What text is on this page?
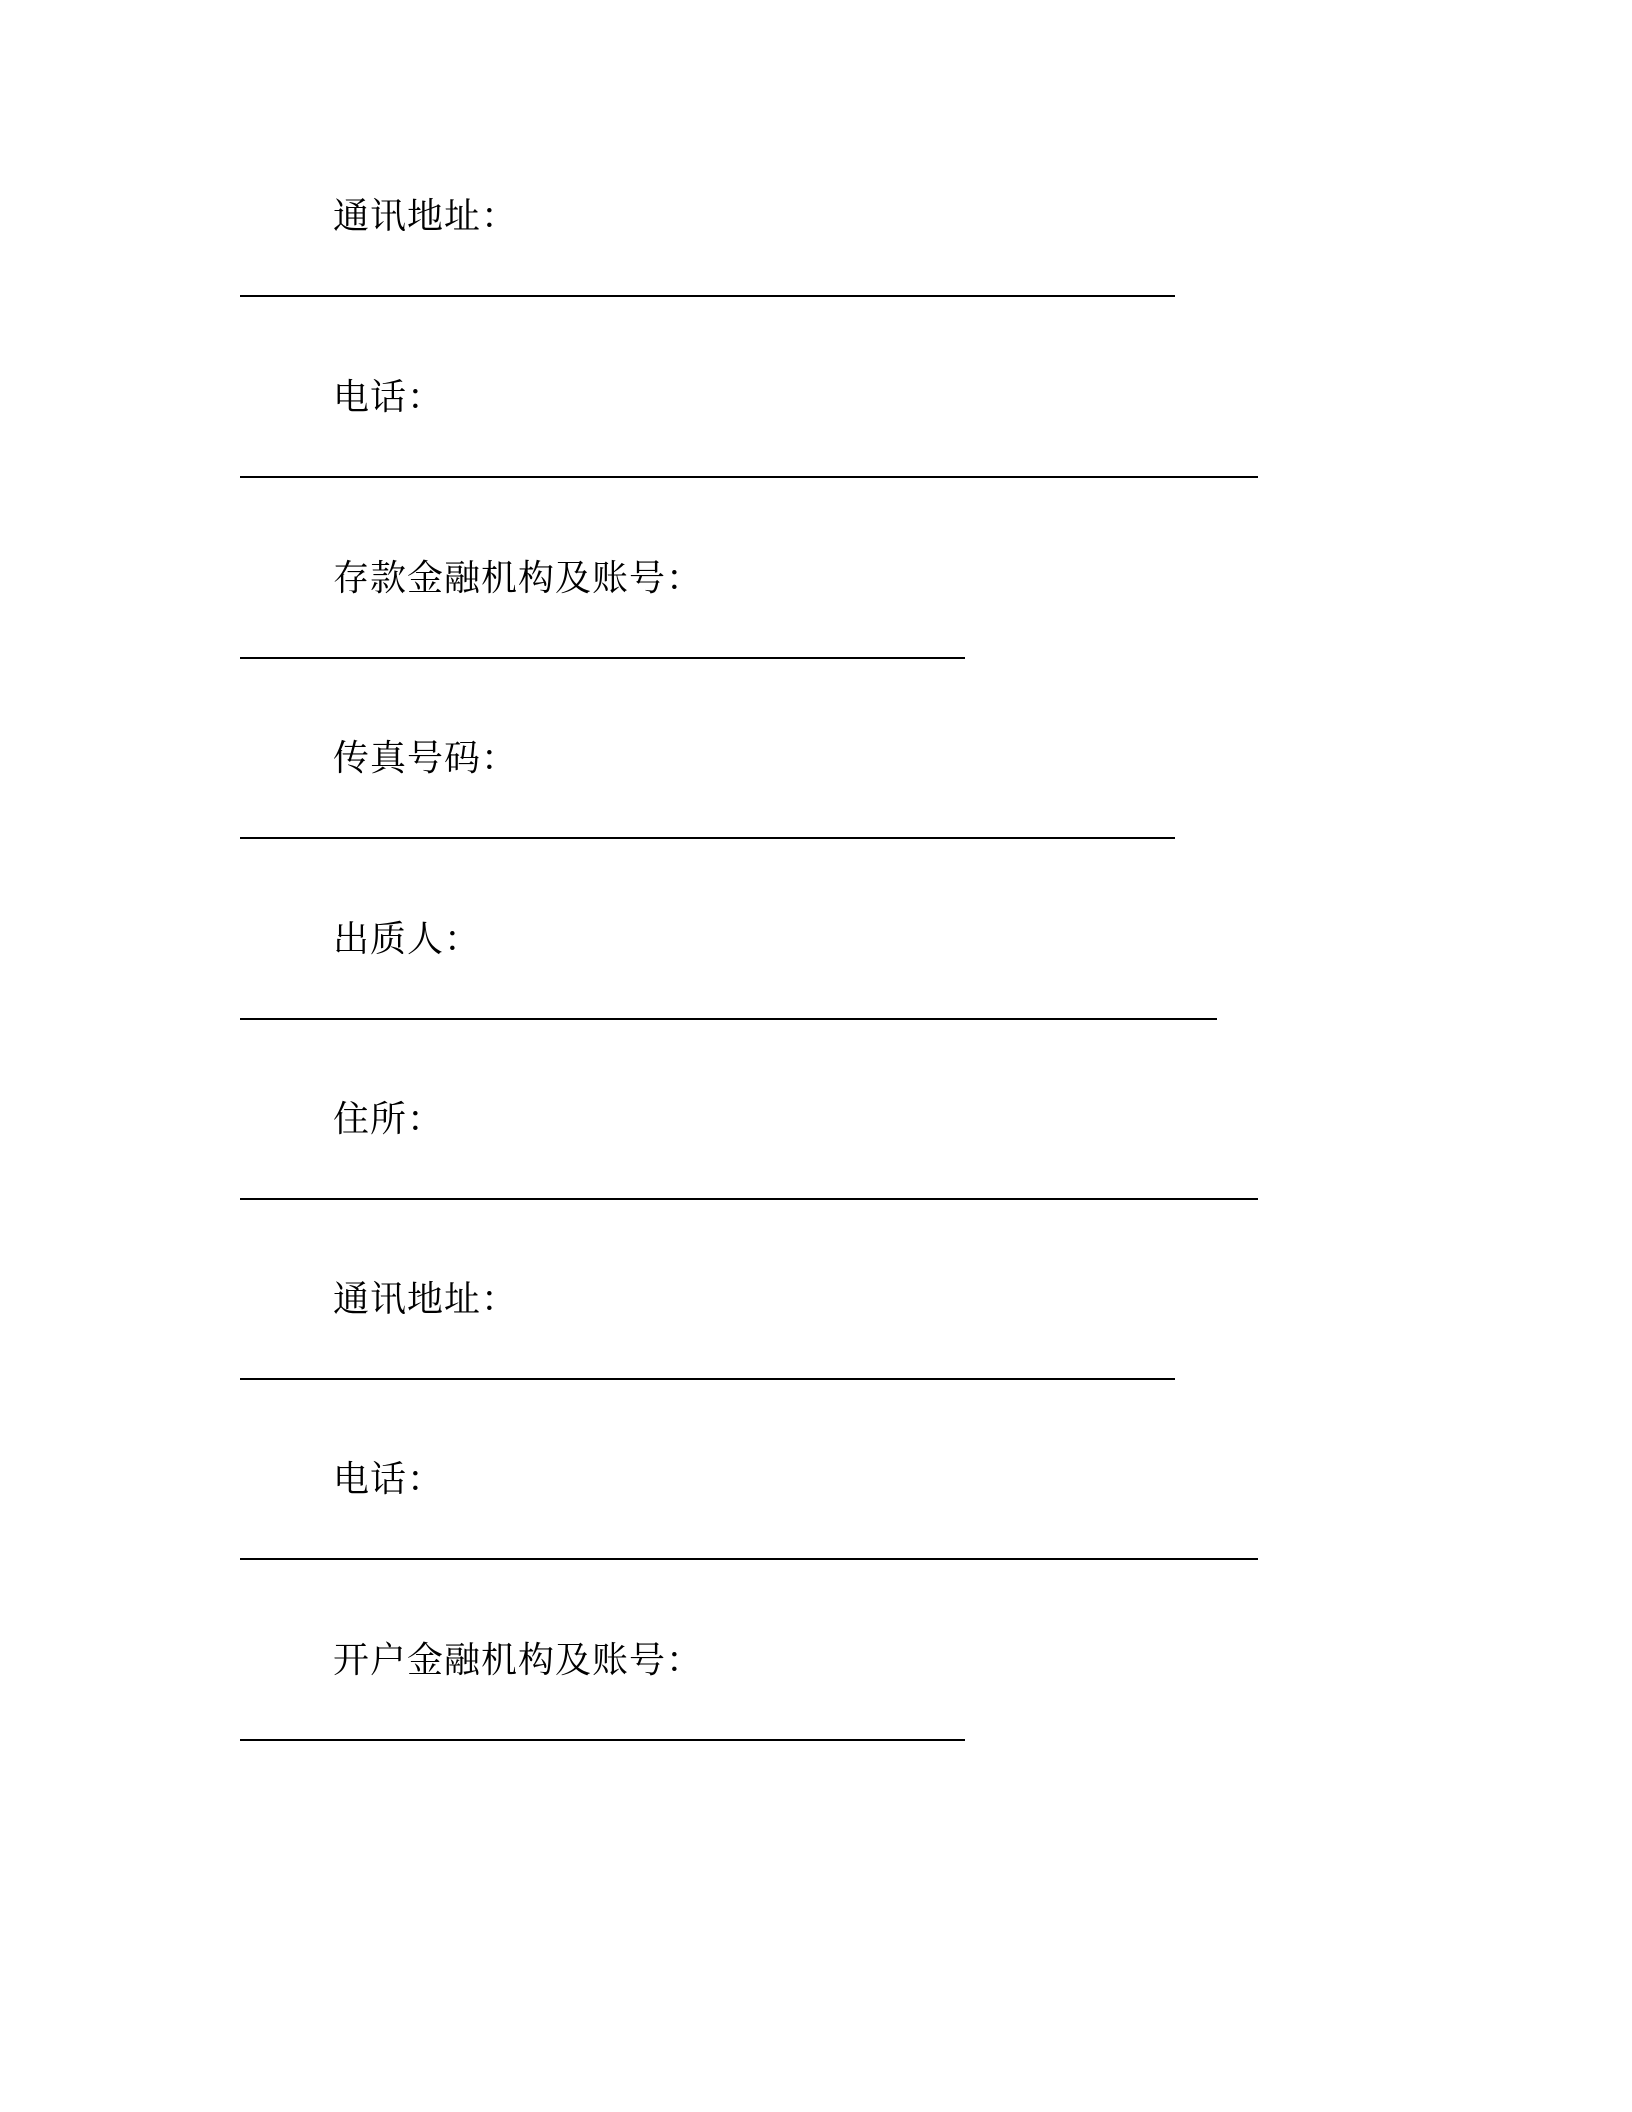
通讯地址：
电话：
存款金融机构及账号：
传真号码：
出质人：
住所：
通讯地址：
电话：
开户金融机构及账号：
